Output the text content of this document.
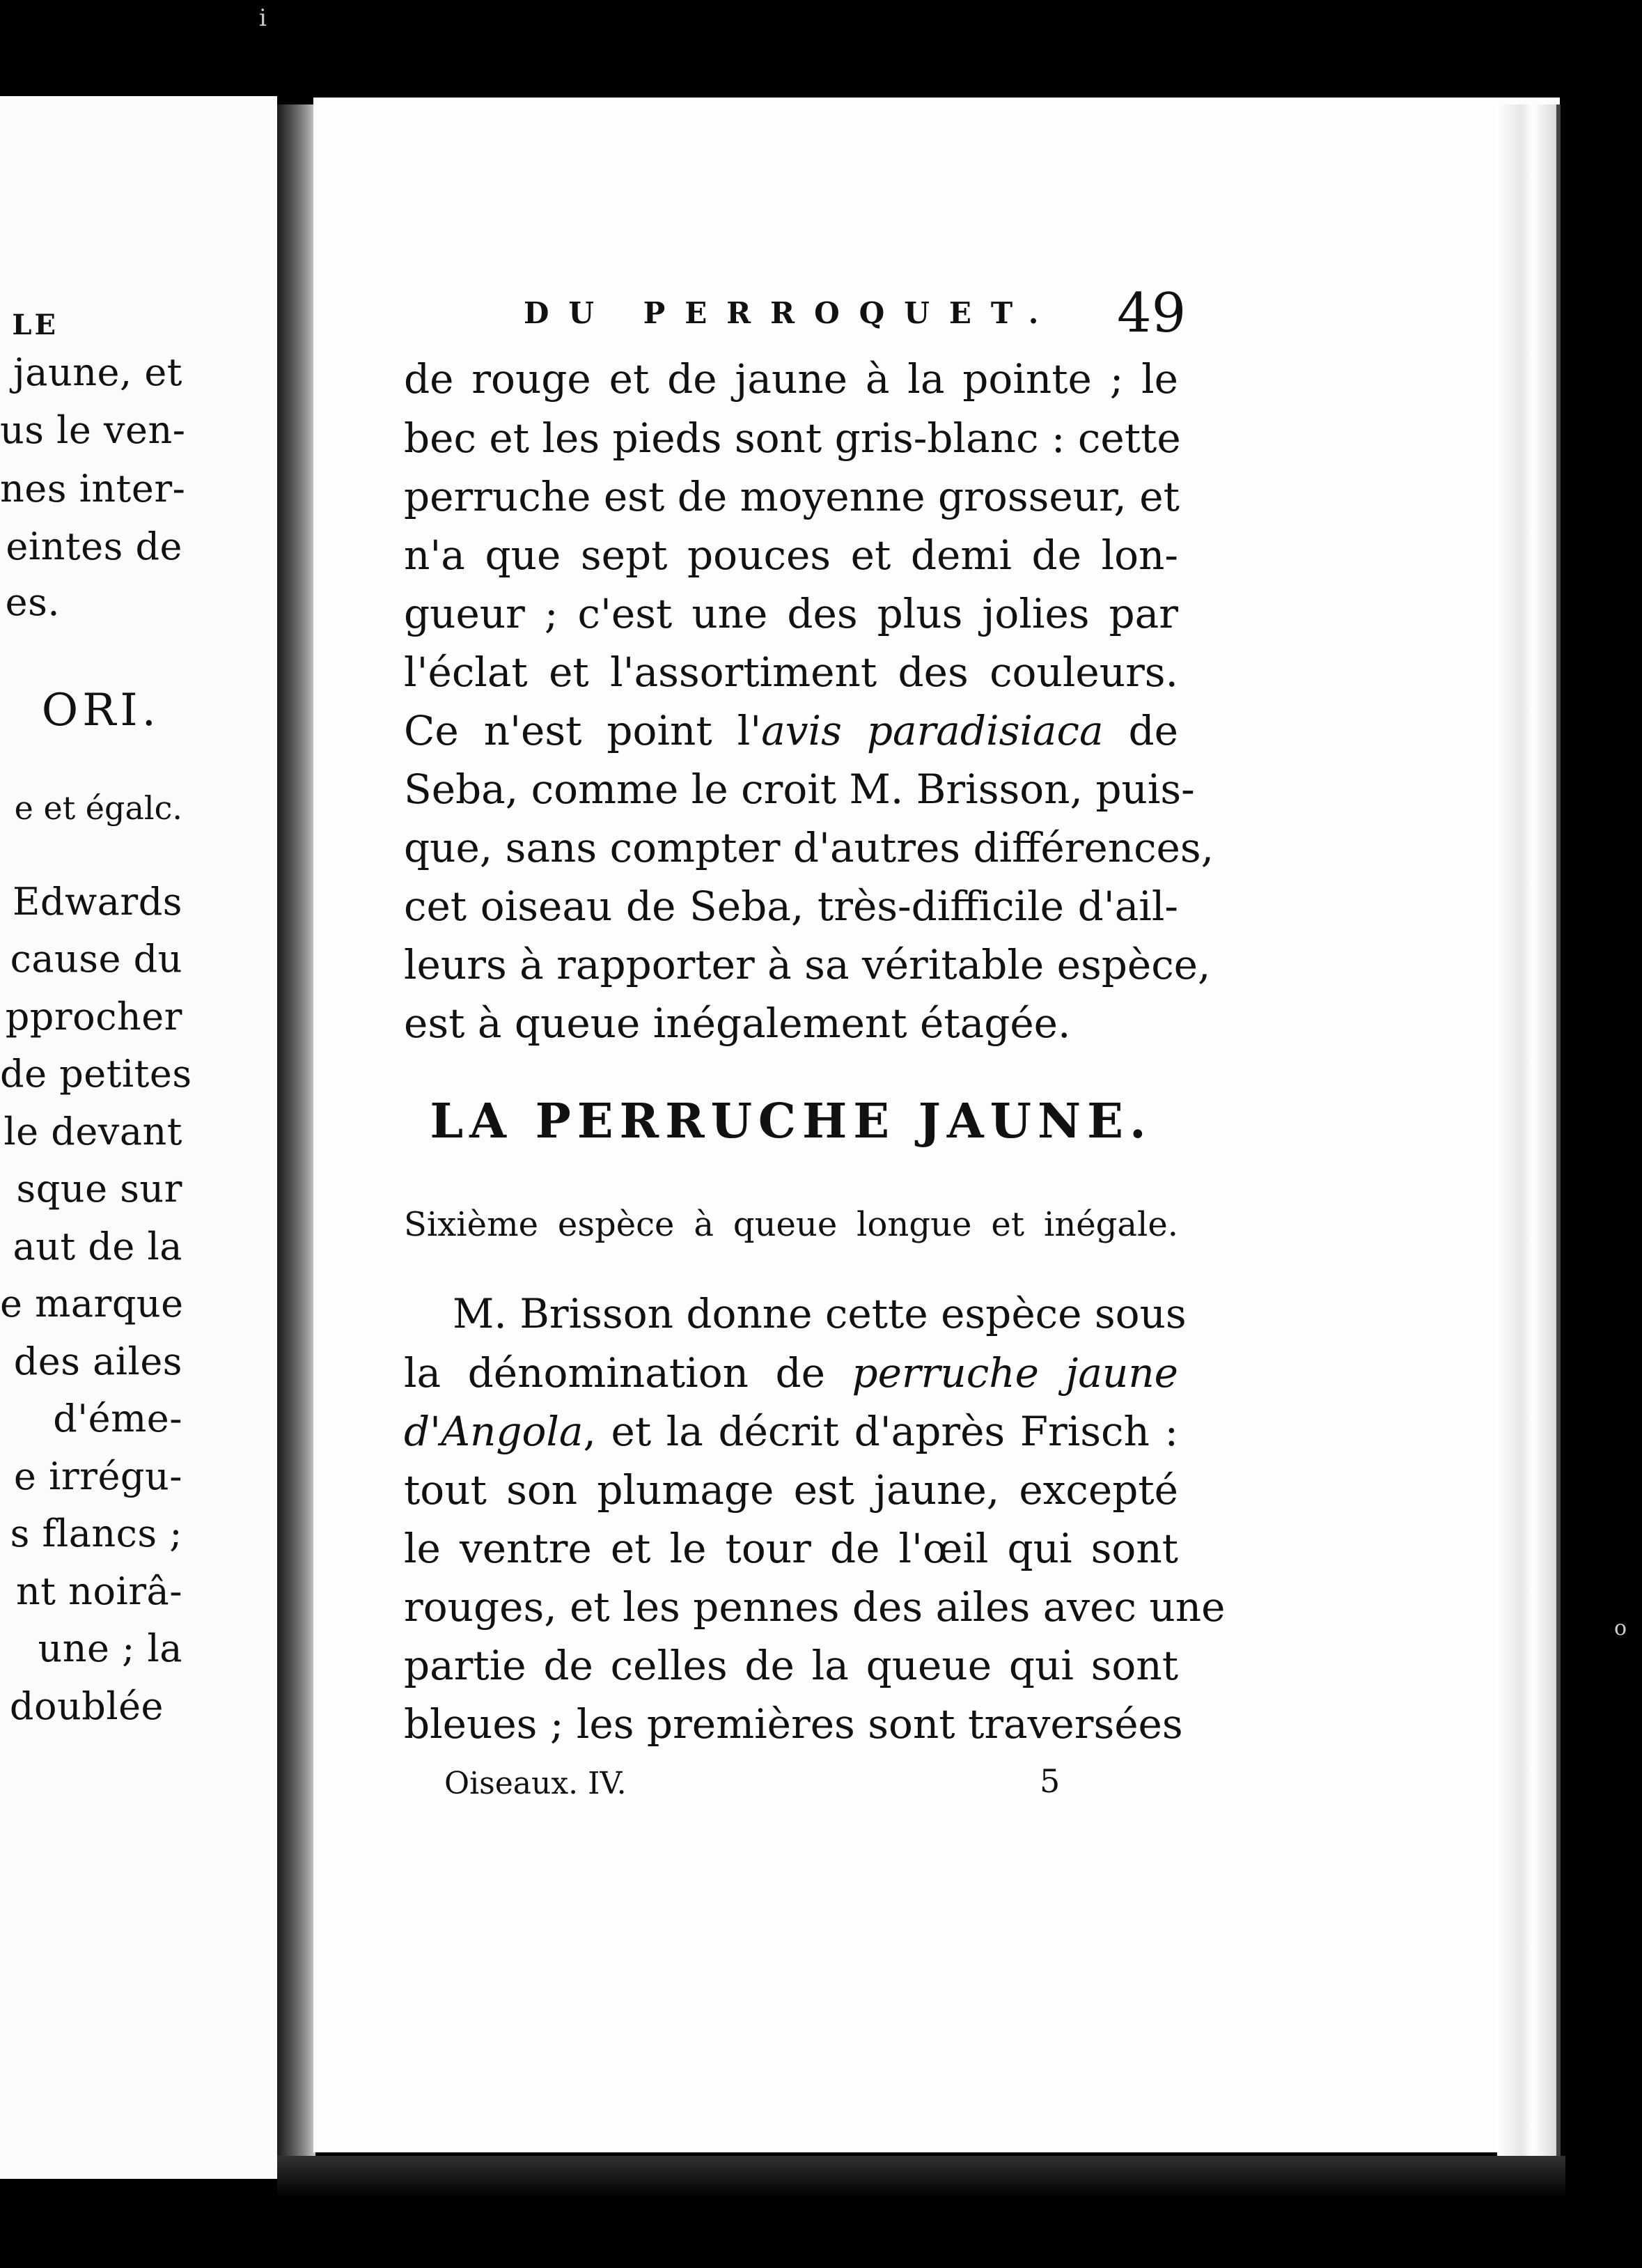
ⅰ
o
LE
jaune, et
us le ven-
nes inter-
eintes de
es.
ORI.
e et égalc.
Edwards
cause du
pprocher
de petites
le devant
sque sur
aut de la
e marque
des ailes
d'éme-
e irrégu-
s flancs ;
nt noirâ-
une ; la
doublée
DU PERROQUET. 49
de rouge et de jaune à la pointe ; le
bec et les pieds sont gris-blanc : cette
perruche est de moyenne grosseur, et
n'a que sept pouces et demi de lon-
gueur ; c'est une des plus jolies par
l'éclat et l'assortiment des couleurs.
Ce n'est point l'avis paradisiaca de
Seba, comme le croit M. Brisson, puis-
que, sans compter d'autres différences,
cet oiseau de Seba, très-difficile d'ail-
leurs à rapporter à sa véritable espèce,
est à queue inégalement étagée.
LA PERRUCHE JAUNE.
Sixième espèce à queue longue et inégale.
M. Brisson donne cette espèce sous
la dénomination de perruche jaune
d'Angola, et la décrit d'après Frisch :
tout son plumage est jaune, excepté
le ventre et le tour de l'œil qui sont
rouges, et les pennes des ailes avec une
partie de celles de la queue qui sont
bleues ; les premières sont traversées
Oiseaux. IV.	5
